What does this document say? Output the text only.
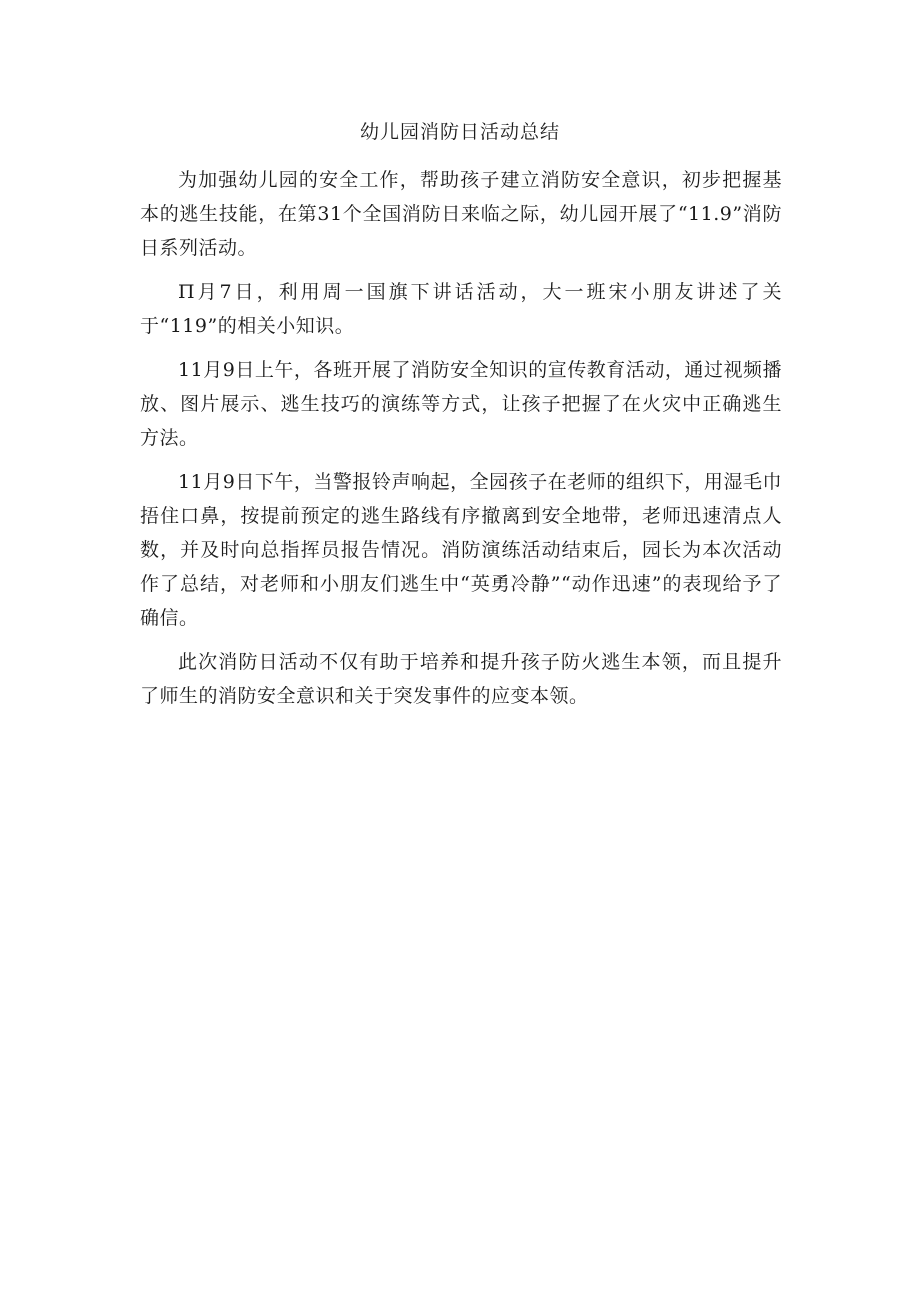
幼儿园消防日活动总结

为加强幼儿园的安全工作，帮助孩子建立消防安全意识，初步把握基本的逃生技能，在第31个全国消防日来临之际，幼儿园开展了“11.9”消防日系列活动。

Π月7日，利用周一国旗下讲话活动，大一班宋小朋友讲述了关于“119”的相关小知识。

11月9日上午，各班开展了消防安全知识的宣传教育活动，通过视频播放、图片展示、逃生技巧的演练等方式，让孩子把握了在火灾中正确逃生方法。

11月9日下午，当警报铃声响起，全园孩子在老师的组织下，用湿毛巾捂住口鼻，按提前预定的逃生路线有序撤离到安全地带，老师迅速清点人数，并及时向总指挥员报告情况。消防演练活动结束后，园长为本次活动作了总结，对老师和小朋友们逃生中“英勇冷静”“动作迅速”的表现给予了确信。

此次消防日活动不仅有助于培养和提升孩子防火逃生本领，而且提升了师生的消防安全意识和关于突发事件的应变本领。
